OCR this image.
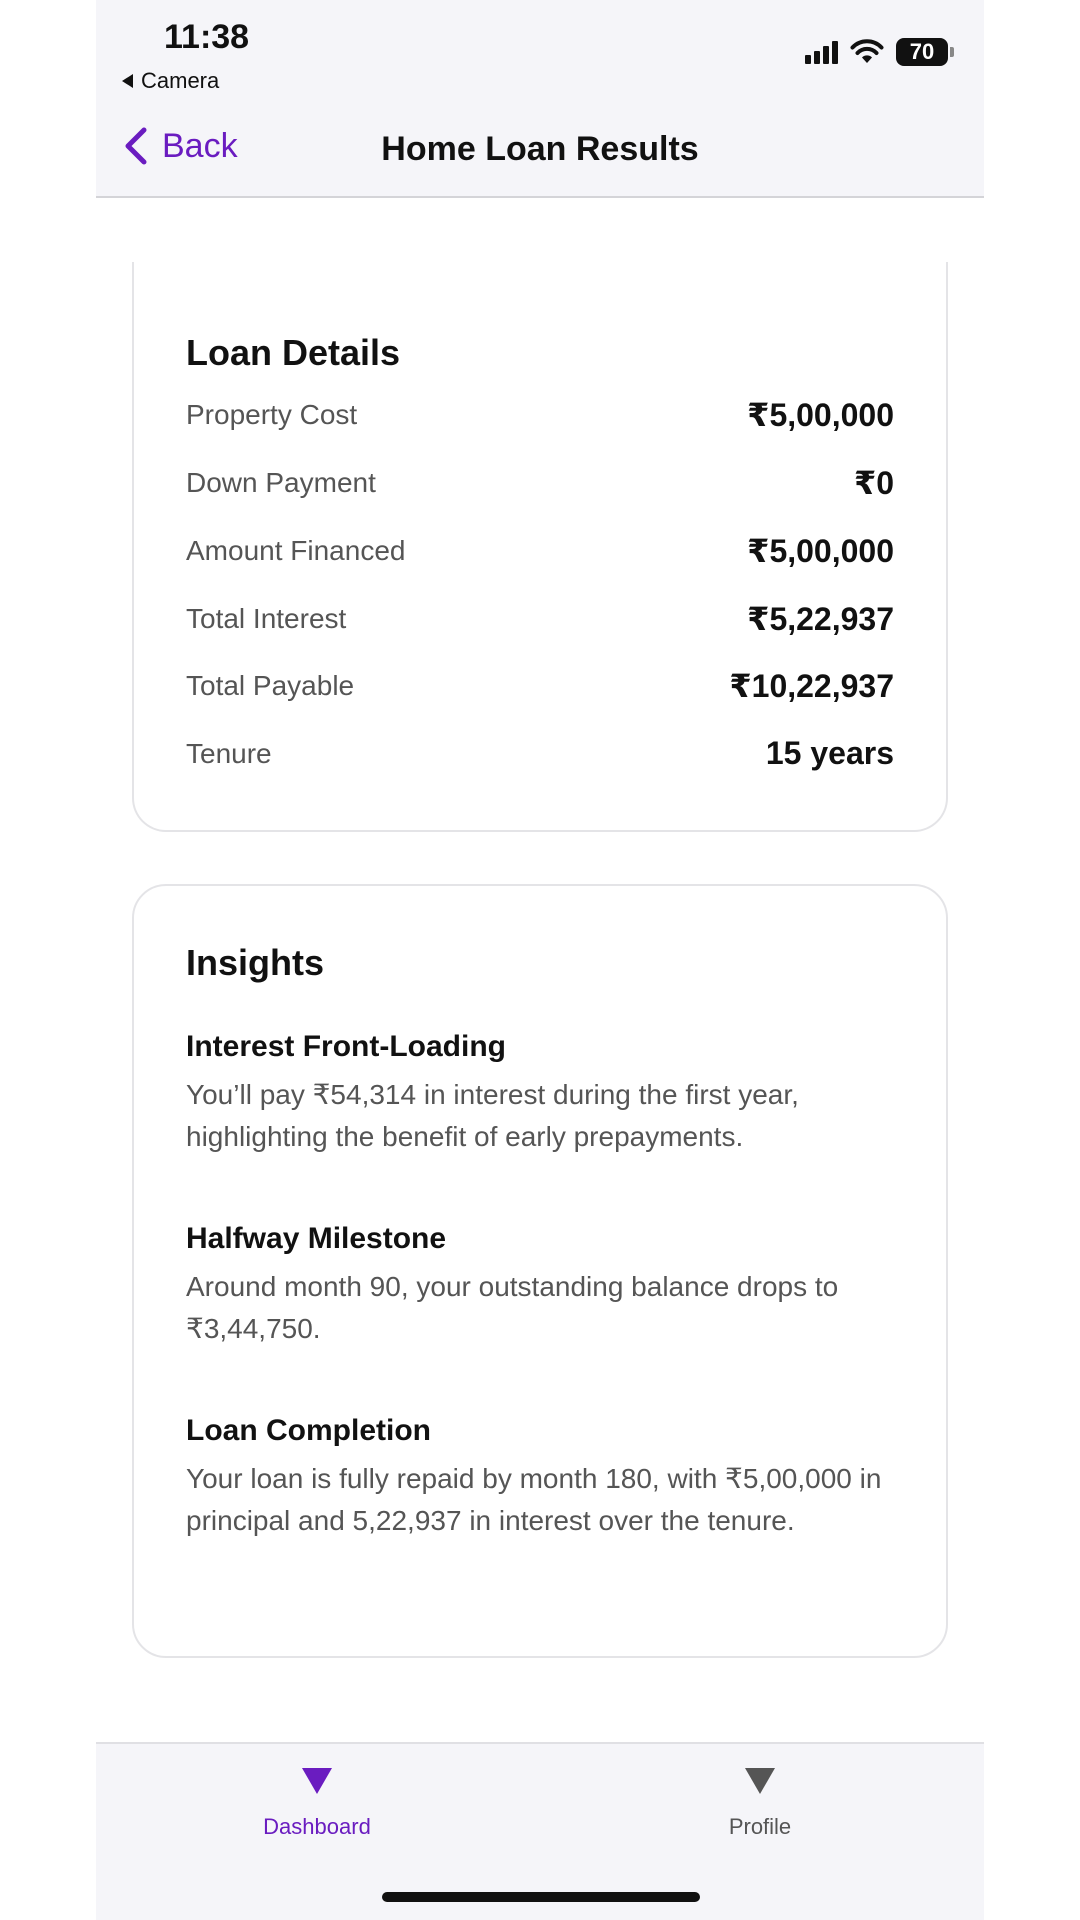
11:38
Camera
70
Back	Home Loan Results
Loan Details
Property Cost	₹5,00,000
Down Payment	₹0
Amount Financed	₹5,00,000
Total Interest	₹5,22,937
Total Payable	₹10,22,937
Tenure	15 years
Insights
Interest Front-Loading
You’ll pay ₹54,314 in interest during the first year, highlighting the benefit of early prepayments.
Halfway Milestone
Around month 90, your outstanding balance drops to ₹3,44,750.
Loan Completion
Your loan is fully repaid by month 180, with ₹5,00,000 in principal and 5,22,937 in interest over the tenure.
Dashboard	Profile
